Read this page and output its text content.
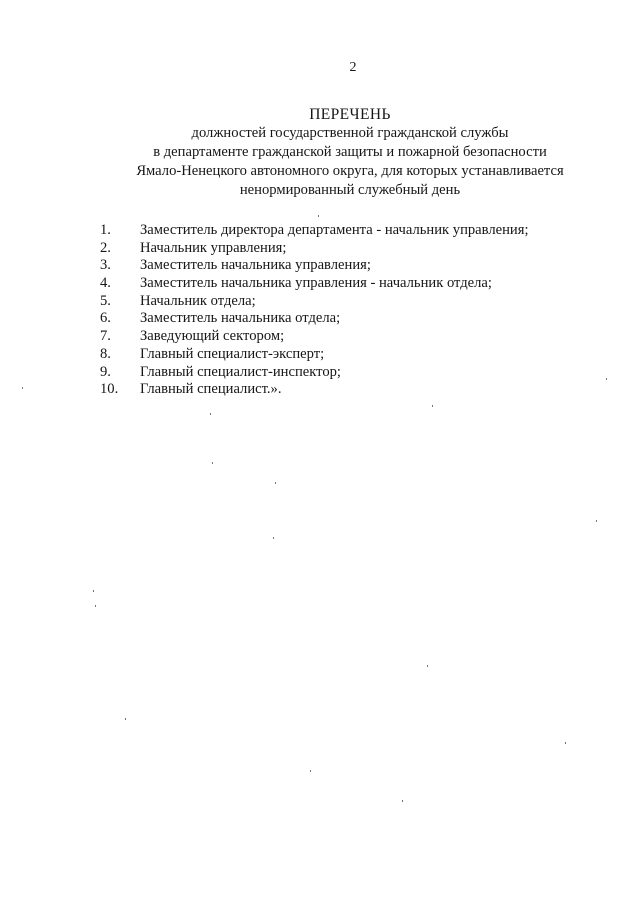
2
ПЕРЕЧЕНЬ
должностей государственной гражданской службы
в департаменте гражданской защиты и пожарной безопасности
Ямало-Ненецкого автономного округа, для которых устанавливается
ненормированный служебный день
1.	Заместитель директора департамента - начальник управления;
2.	Начальник управления;
3.	Заместитель начальника управления;
4.	Заместитель начальника управления - начальник отдела;
5.	Начальник отдела;
6.	Заместитель начальника отдела;
7.	Заведующий сектором;
8.	Главный специалист-эксперт;
9.	Главный специалист-инспектор;
10.	Главный специалист.».
